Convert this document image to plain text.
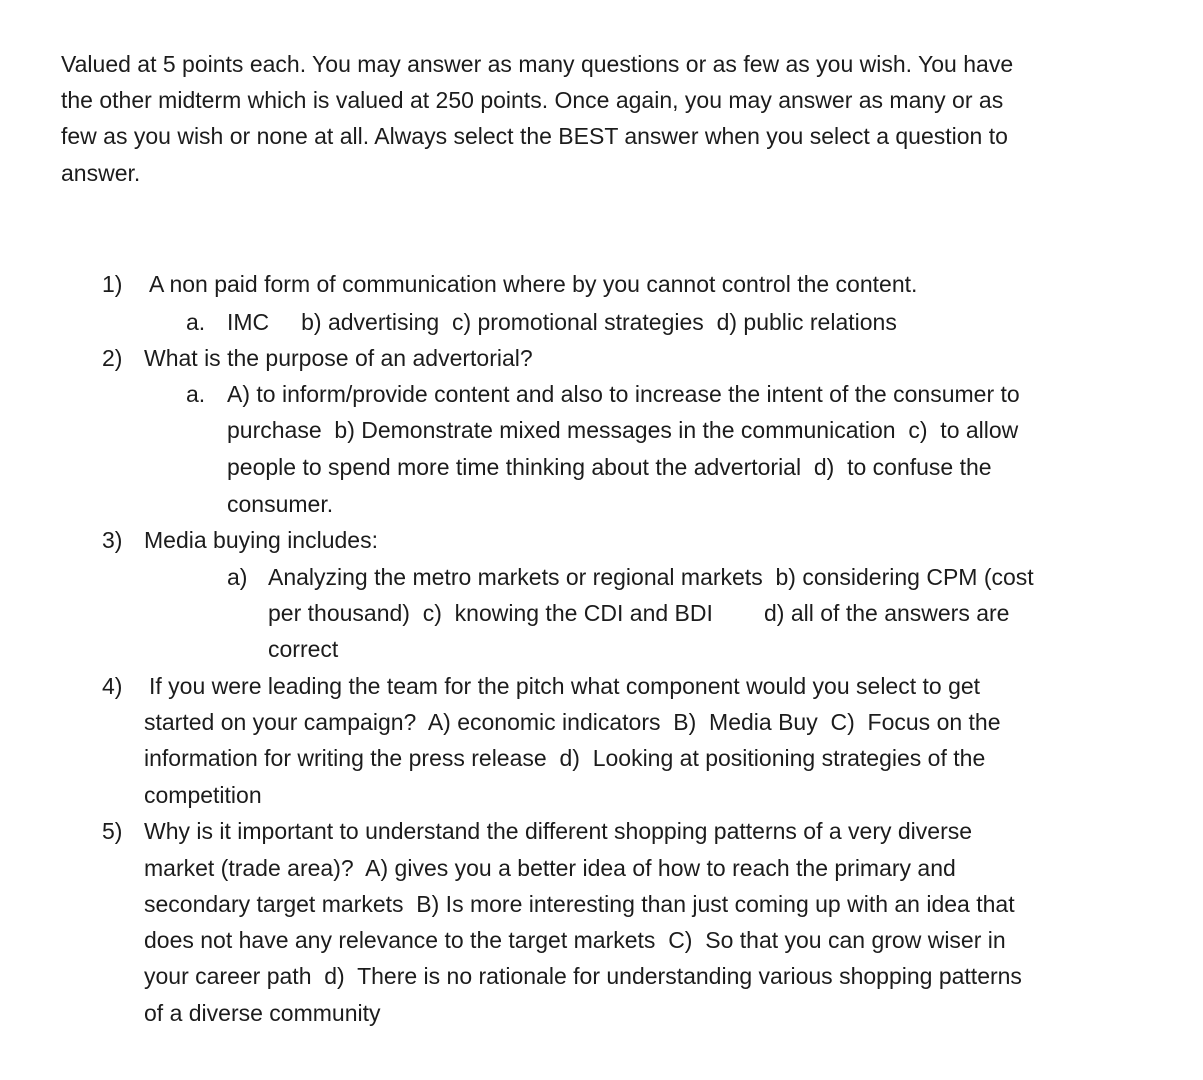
Valued at 5 points each. You may answer as many questions or as few as you wish. You have
the other midterm which is valued at 250 points. Once again, you may answer as many or as
few as you wish or none at all. Always select the BEST answer when you select a question to
answer.

1) A non paid form of communication where by you cannot control the content.
a. IMC     b) advertising  c) promotional strategies  d) public relations
2) What is the purpose of an advertorial?
a. A) to inform/provide content and also to increase the intent of the consumer to
purchase  b) Demonstrate mixed messages in the communication  c)  to allow
people to spend more time thinking about the advertorial  d)  to confuse the
consumer.
3) Media buying includes:
a) Analyzing the metro markets or regional markets  b) considering CPM (cost
per thousand)  c)  knowing the CDI and BDI        d) all of the answers are
correct
4) If you were leading the team for the pitch what component would you select to get
started on your campaign?  A) economic indicators  B)  Media Buy  C)  Focus on the
information for writing the press release  d)  Looking at positioning strategies of the
competition
5) Why is it important to understand the different shopping patterns of a very diverse
market (trade area)?  A) gives you a better idea of how to reach the primary and
secondary target markets  B) Is more interesting than just coming up with an idea that
does not have any relevance to the target markets  C)  So that you can grow wiser in
your career path  d)  There is no rationale for understanding various shopping patterns
of a diverse community
